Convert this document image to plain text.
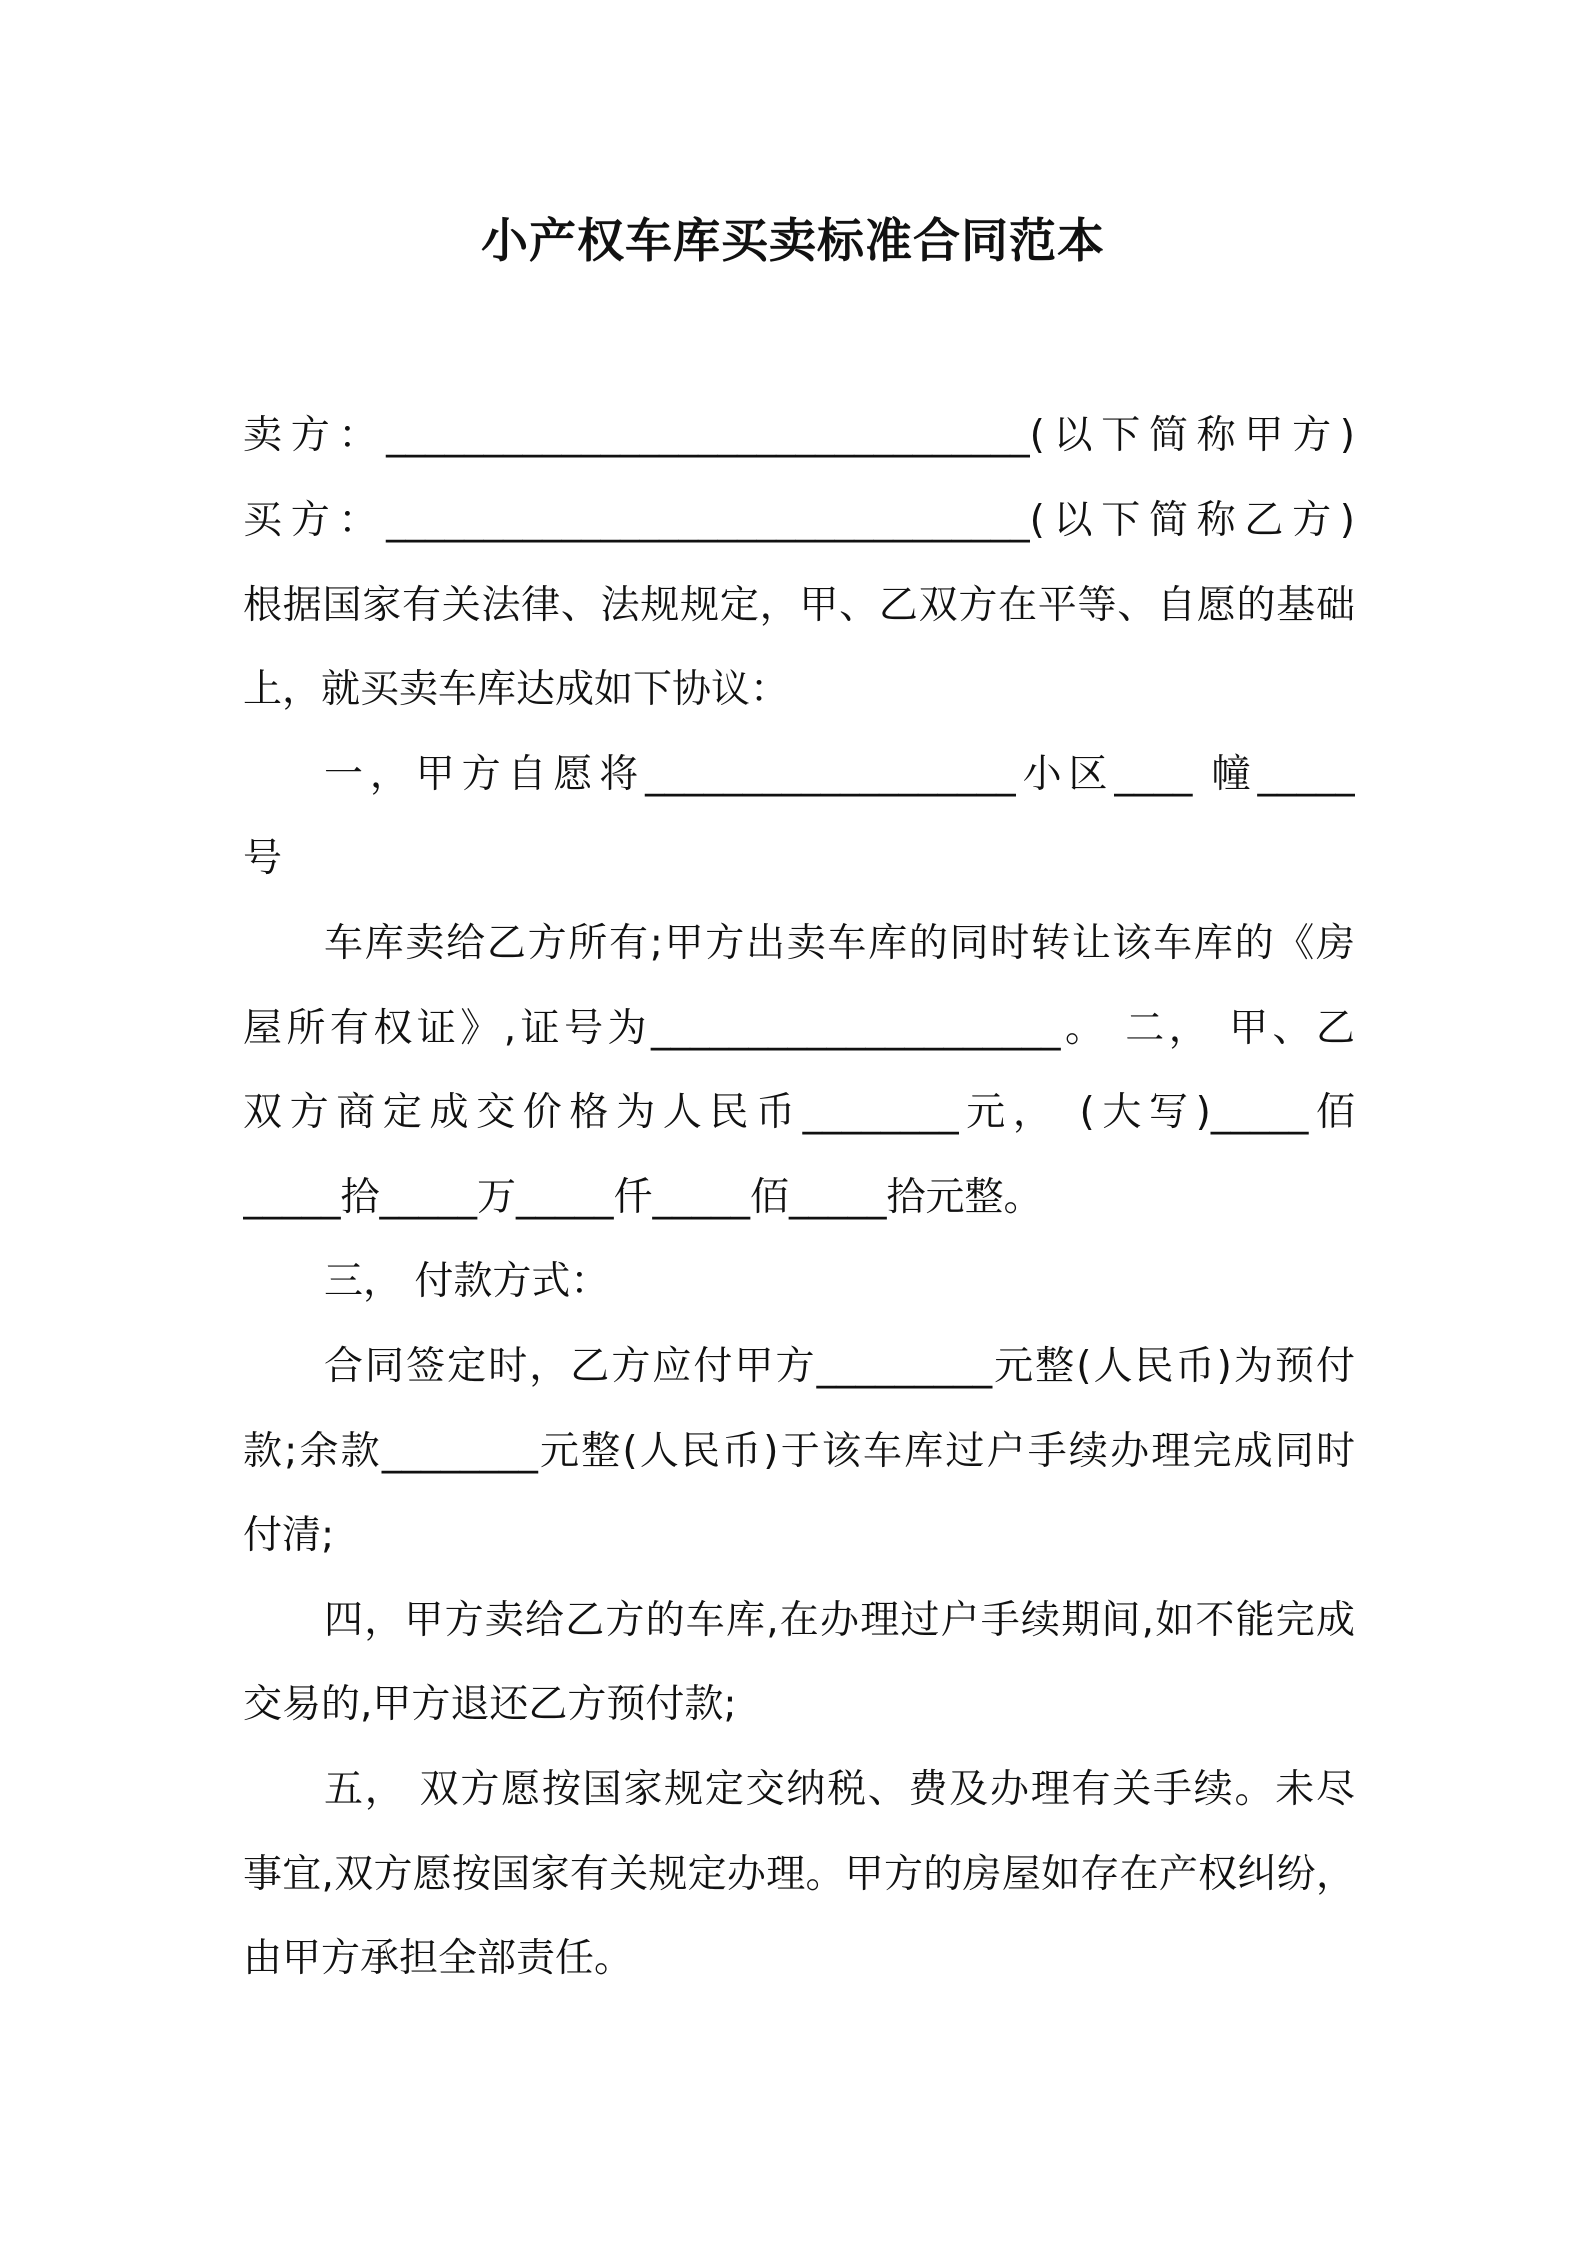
小产权车库买卖标准合同范本
卖方：_________________________________(以下简称甲方)
买方：_________________________________(以下简称乙方)
根据国家有关法律、法规规定，甲、乙双方在平等、自愿的基础
上，就买卖车库达成如下协议：
一，甲方自愿将___________________小区____ 幢_____
号
车库卖给乙方所有;甲方出卖车库的同时转让该车库的《房
屋所有权证》,证号为_____________________。 二， 甲、乙
双方商定成交价格为人民币________元， (大写)_____佰
_____拾_____万_____仟_____佰_____拾元整。
三， 付款方式：
合同签定时，乙方应付甲方_________元整(人民币)为预付
款;余款________元整(人民币)于该车库过户手续办理完成同时
付清;
四，甲方卖给乙方的车库,在办理过户手续期间,如不能完成
交易的,甲方退还乙方预付款;
五， 双方愿按国家规定交纳税、费及办理有关手续。未尽
事宜,双方愿按国家有关规定办理。甲方的房屋如存在产权纠纷，
由甲方承担全部责任。
